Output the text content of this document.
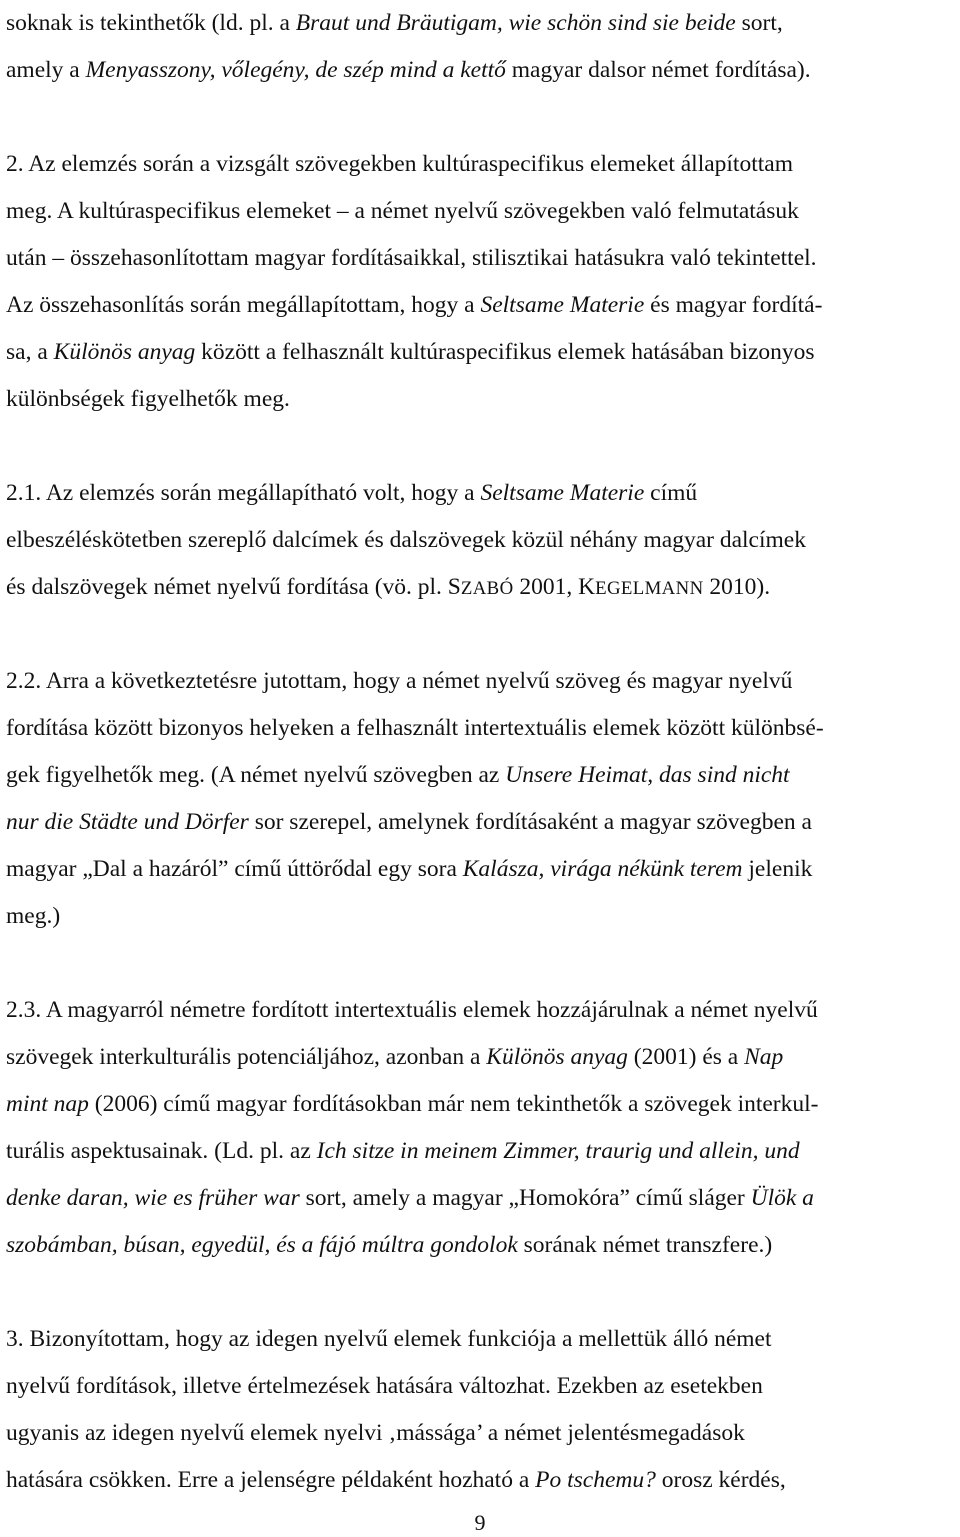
soknak is tekinthetők (ld. pl. a Braut und Bräutigam, wie schön sind sie beide sort,
amely a Menyasszony, vőlegény, de szép mind a kettő magyar dalsor német fordítása).
2. Az elemzés során a vizsgált szövegekben kultúraspecifikus elemeket állapítottam
meg. A kultúraspecifikus elemeket – a német nyelvű szövegekben való felmutatásuk
után – összehasonlítottam magyar fordításaikkal, stilisztikai hatásukra való tekintettel.
Az összehasonlítás során megállapítottam, hogy a Seltsame Materie és magyar fordítá-
sa, a Különös anyag között a felhasznált kultúraspecifikus elemek hatásában bizonyos
különbségek figyelhetők meg.
2.1. Az elemzés során megállapítható volt, hogy a Seltsame Materie című
elbeszéléskötetben szereplő dalcímek és dalszövegek közül néhány magyar dalcímek
és dalszövegek német nyelvű fordítása (vö. pl. SZABÓ 2001, KEGELMANN 2010).
2.2. Arra a következtetésre jutottam, hogy a német nyelvű szöveg és magyar nyelvű
fordítása között bizonyos helyeken a felhasznált intertextuális elemek között különbsé-
gek figyelhetők meg. (A német nyelvű szövegben az Unsere Heimat, das sind nicht
nur die Städte und Dörfer sor szerepel, amelynek fordításaként a magyar szövegben a
magyar „Dal a hazáról” című úttörődal egy sora Kalásza, virága nékünk terem jelenik
meg.)
2.3. A magyarról németre fordított intertextuális elemek hozzájárulnak a német nyelvű
szövegek interkulturális potenciáljához, azonban a Különös anyag (2001) és a Nap
mint nap (2006) című magyar fordításokban már nem tekinthetők a szövegek interkul-
turális aspektusainak. (Ld. pl. az Ich sitze in meinem Zimmer, traurig und allein, und
denke daran, wie es früher war sort, amely a magyar „Homokóra” című sláger Ülök a
szobámban, búsan, egyedül, és a fájó múltra gondolok sorának német transzfere.)
3. Bizonyítottam, hogy az idegen nyelvű elemek funkciója a mellettük álló német
nyelvű fordítások, illetve értelmezések hatására változhat. Ezekben az esetekben
ugyanis az idegen nyelvű elemek nyelvi ‚mássága’ a német jelentésmegadások
hatására csökken. Erre a jelenségre példaként hozható a Po tschemu? orosz kérdés,
9
